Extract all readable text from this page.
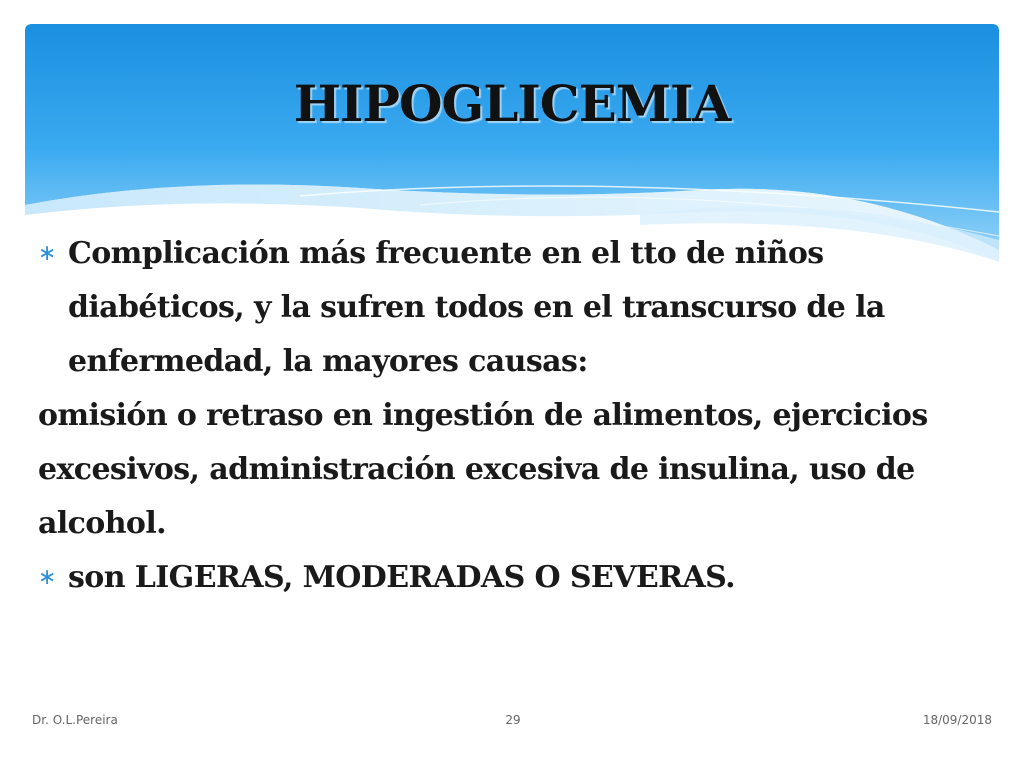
HIPOGLICEMIA

∗ Complicación más frecuente en el tto de niños diabéticos, y la sufren todos en el transcurso de la enfermedad, la mayores causas:

omisión o retraso en ingestión de alimentos, ejercicios excesivos, administración excesiva de insulina, uso de alcohol.

∗ son LIGERAS, MODERADAS O SEVERAS.

Dr. O.L.Pereira	29	18/09/2018
